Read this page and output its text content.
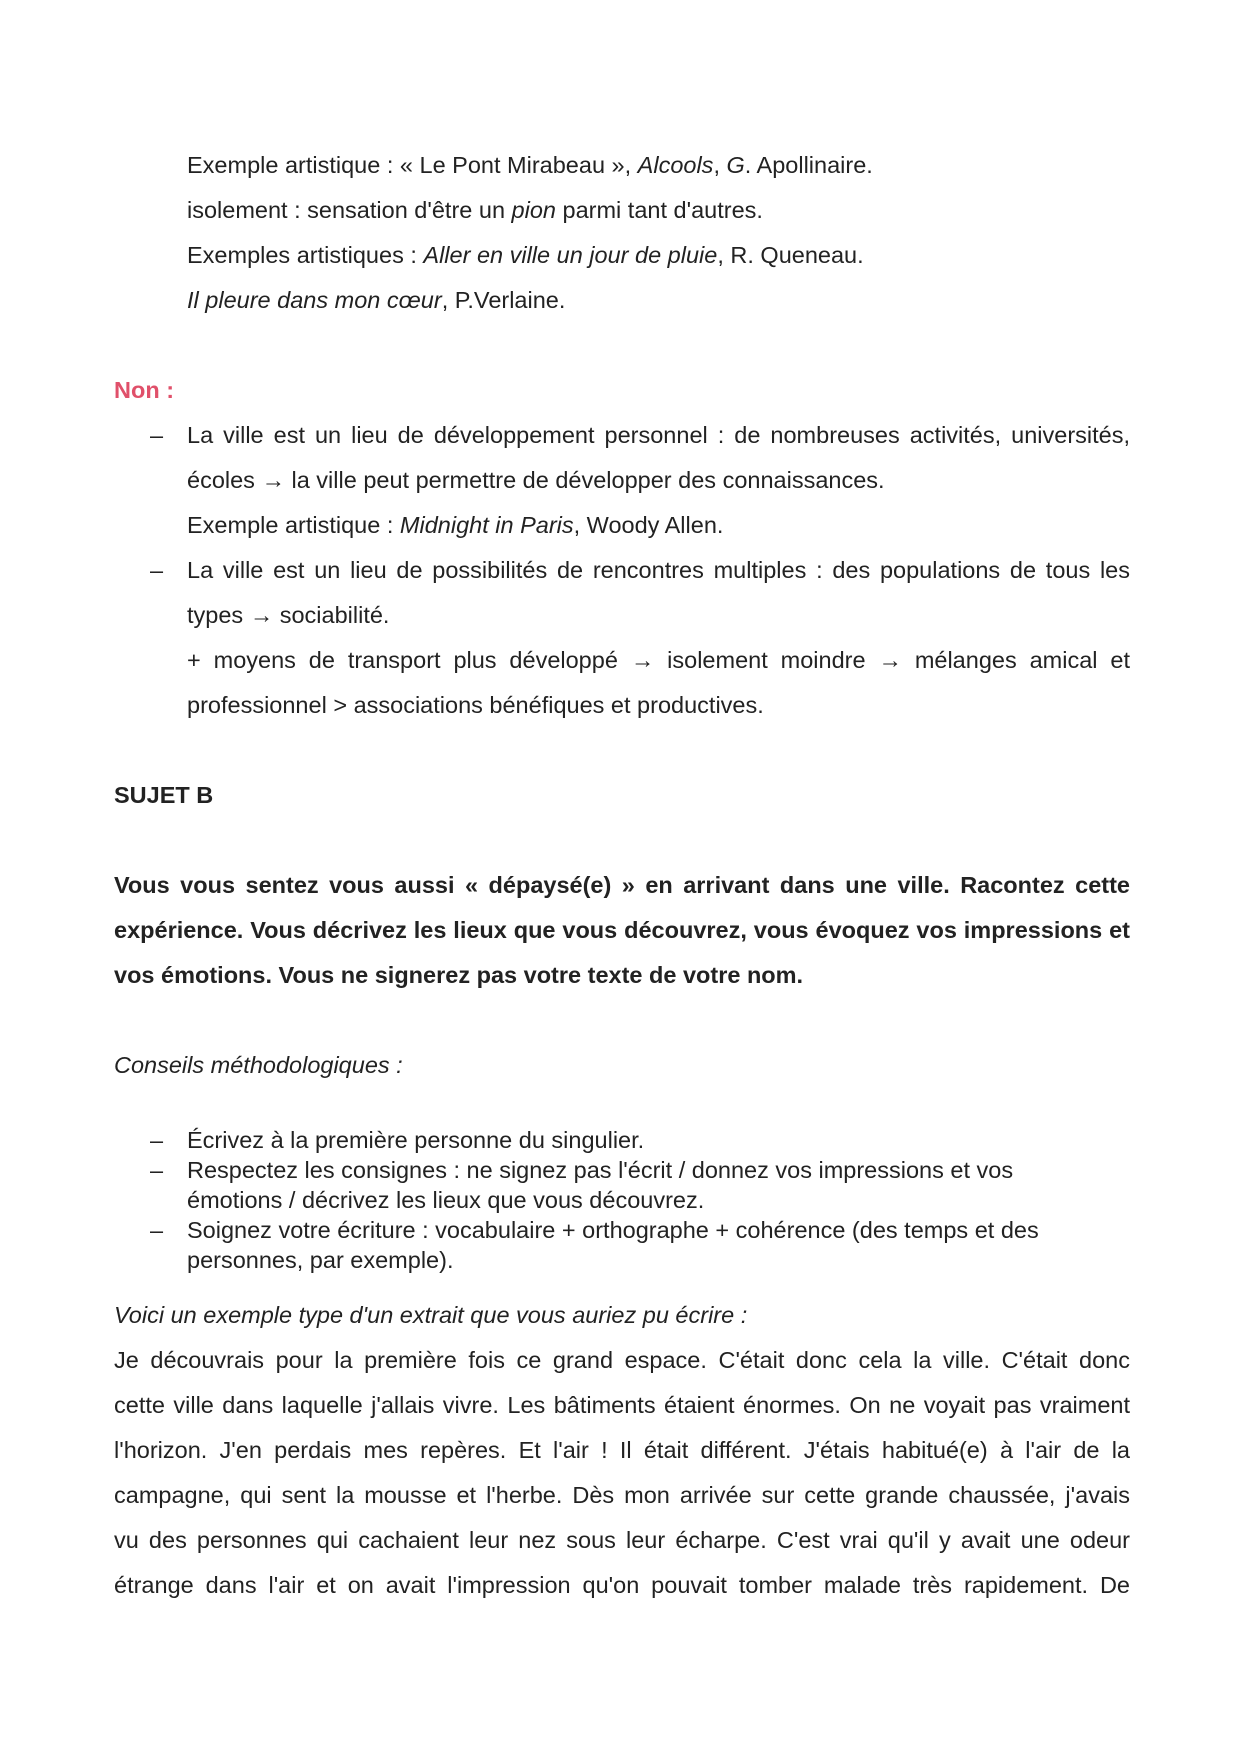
Exemple artistique : « Le Pont Mirabeau », Alcools, G. Apollinaire.
isolement : sensation d'être un pion parmi tant d'autres.
Exemples artistiques : Aller en ville un jour de pluie, R. Queneau.
Il pleure dans mon cœur, P.Verlaine.
Non :
– La ville est un lieu de développement personnel : de nombreuses activités, universités,
écoles → la ville peut permettre de développer des connaissances.
Exemple artistique : Midnight in Paris, Woody Allen.
– La ville est un lieu de possibilités de rencontres multiples : des populations de tous les
types → sociabilité.
+ moyens de transport plus développé → isolement moindre → mélanges amical et
professionnel > associations bénéfiques et productives.
SUJET B
Vous vous sentez vous aussi « dépaysé(e) » en arrivant dans une ville. Racontez cette
expérience. Vous décrivez les lieux que vous découvrez, vous évoquez vos impressions et
vos émotions. Vous ne signerez pas votre texte de votre nom.
Conseils méthodologiques :
– Écrivez à la première personne du singulier.
– Respectez les consignes : ne signez pas l'écrit / donnez vos impressions et vos
émotions / décrivez les lieux que vous découvrez.
– Soignez votre écriture : vocabulaire + orthographe + cohérence (des temps et des
personnes, par exemple).
Voici un exemple type d'un extrait que vous auriez pu écrire :
Je découvrais pour la première fois ce grand espace. C'était donc cela la ville. C'était donc
cette ville dans laquelle j'allais vivre. Les bâtiments étaient énormes. On ne voyait pas vraiment
l'horizon. J'en perdais mes repères. Et l'air ! Il était différent. J'étais habitué(e) à l'air de la
campagne, qui sent la mousse et l'herbe. Dès mon arrivée sur cette grande chaussée, j'avais
vu des personnes qui cachaient leur nez sous leur écharpe. C'est vrai qu'il y avait une odeur
étrange dans l'air et on avait l'impression qu'on pouvait tomber malade très rapidement. De
